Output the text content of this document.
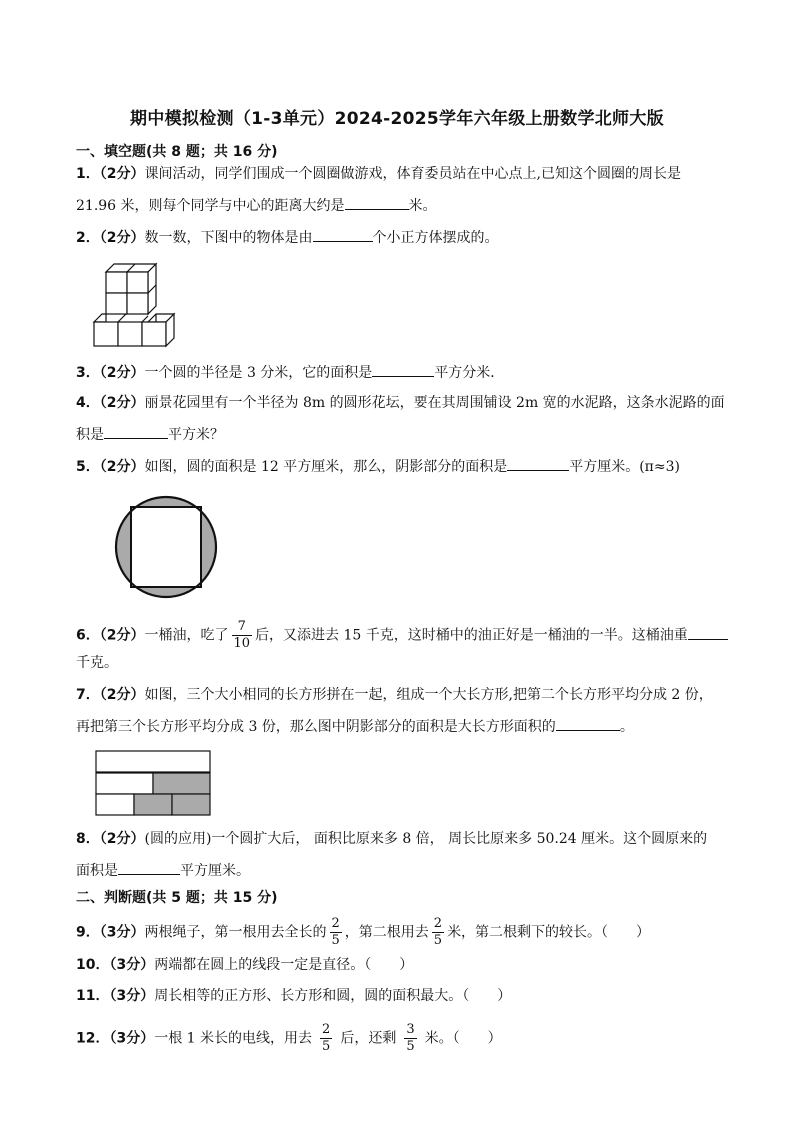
期中模拟检测（1-3单元）2024-2025学年六年级上册数学北师大版
一、填空题(共 8 题；共 16 分)
1．（2分）课间活动，同学们围成一个圆圈做游戏，体育委员站在中心点上,已知这个圆圈的周长是
21.96 米，则每个同学与中心的距离大约是	米。
2．（2分）数一数，下图中的物体是由	个小正方体摆成的。
3．（2分）一个圆的半径是 3 分米，它的面积是	平方分米．
4．（2分）丽景花园里有一个半径为 8m 的圆形花坛，要在其周围铺设 2m 宽的水泥路，这条水泥路的面
积是	平方米？
5．（2分）如图，圆的面积是 12 平方厘米，那么，阴影部分的面积是	平方厘米。(π≈3)
6．（2分）一桶油，吃了 $\frac{7}{10}$ 后，又添进去 15 千克，这时桶中的油正好是一桶油的一半。这桶油重
千克。
7．（2分）如图，三个大小相同的长方形拼在一起，组成一个大长方形,把第二个长方形平均分成 2 份，
再把第三个长方形平均分成 3 份，那么图中阴影部分的面积是大长方形面积的	。
8．（2分）(圆的应用)一个圆扩大后， 面积比原来多 8 倍， 周长比原来多 50.24 厘米。这个圆原来的
面积是	平方厘米。
二、判断题(共 5 题；共 15 分)
9．（3分）两根绳子，第一根用去全长的 $\frac{2}{5}$ ，第二根用去 $\frac{2}{5}$ 米，第二根剩下的较长。（　　）
10．（3分）两端都在圆上的线段一定是直径。（　　）
11．（3分）周长相等的正方形、长方形和圆，圆的面积最大。（　　）
12．（3分）一根 1 米长的电线，用去 $\frac{2}{5}$ 后，还剩 $\frac{3}{5}$ 米。（　　）
